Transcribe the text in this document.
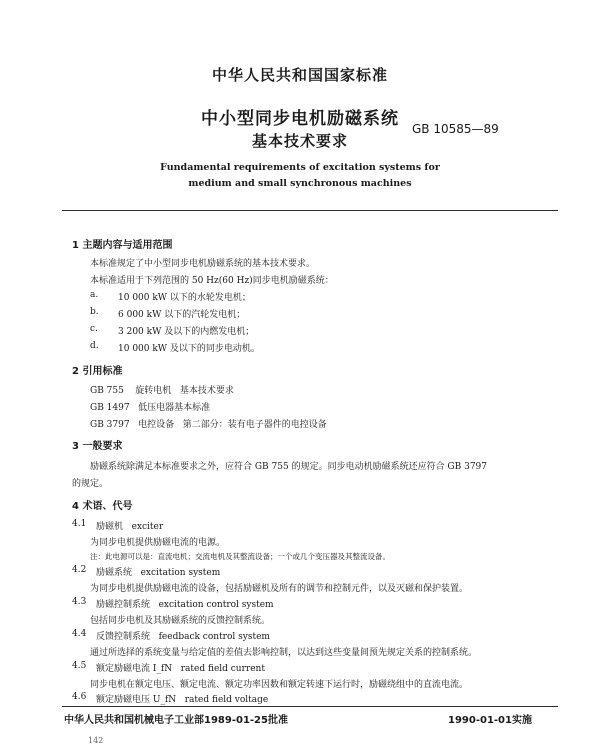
中华人民共和国国家标准
中小型同步电机励磁系统
基本技术要求
GB 10585—89
Fundamental requirements of excitation systems for
medium and small synchronous machines
1 主题内容与适用范围
本标准规定了中小型同步电机励磁系统的基本技术要求。
本标准适用于下列范围的 50 Hz(60 Hz)同步电机励磁系统：
a. 10 000 kW 以下的水轮发电机；
b. 6 000 kW 以下的汽轮发电机；
c. 3 200 kW 及以下的内燃发电机；
d. 10 000 kW 及以下的同步电动机。
2 引用标准
GB 755    旋转电机   基本技术要求
GB 1497   低压电器基本标准
GB 3797   电控设备   第二部分：装有电子器件的电控设备
3 一般要求
励磁系统除满足本标准要求之外，应符合 GB 755 的规定。同步电动机励磁系统还应符合 GB 3797
的规定。
4 术语、代号
4.1 励磁机   exciter
为同步电机提供励磁电流的电源。
注：此电源可以是：直流电机；交流电机及其整流设备；一个或几个变压器及其整流设备。
4.2 励磁系统   excitation system
为同步电机提供励磁电流的设备，包括励磁机及所有的调节和控制元件，以及灭磁和保护装置。
4.3 励磁控制系统   excitation control system
包括同步电机及其励磁系统的反馈控制系统。
4.4 反馈控制系统   feedback control system
通过所选择的系统变量与给定值的差值去影响控制，以达到这些变量间预先规定关系的控制系统。
4.5 额定励磁电流 I_fN   rated field current
同步电机在额定电压、额定电流、额定功率因数和额定转速下运行时，励磁绕组中的直流电流。
4.6 额定励磁电压 U_fN   rated field voltage
中华人民共和国机械电子工业部1989-01-25批准	1990-01-01实施
142
